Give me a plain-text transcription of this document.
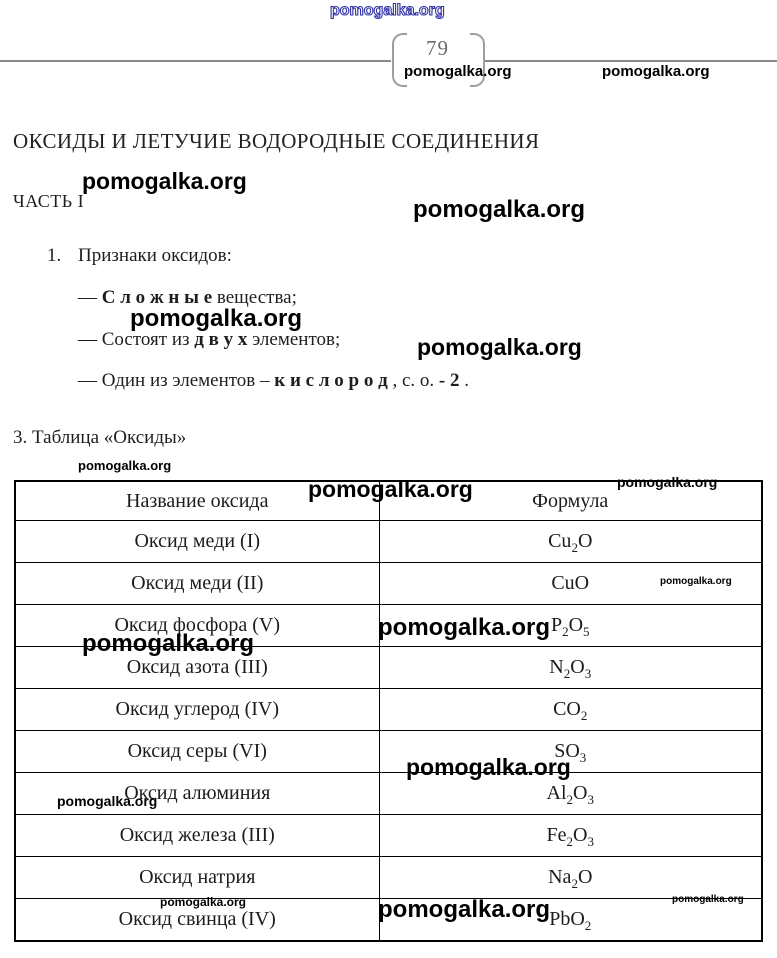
79
ОКСИДЫ И ЛЕТУЧИЕ ВОДОРОДНЫЕ СОЕДИНЕНИЯ
ЧАСТЬ I
1. Признаки оксидов:
— С л о ж н ы е вещества;
— Состоят из д в у х элементов;
— Один из элементов – к и с л о р о д , с. о. - 2 .
3. Таблица «Оксиды»
Название оксида	Формула
Оксид меди (I)	$Cu_2O$
Оксид меди (II)	CuO
Оксид фосфора (V)	$P_2O_5$
Оксид азота (III)	$N_2O_3$
Оксид углерод (IV)	$CO_2$
Оксид серы (VI)	$SO_3$
Оксид алюминия	$Al_2O_3$
Оксид железа (III)	$Fe_2O_3$
Оксид натрия	$Na_2O$
Оксид свинца (IV)	PbO$_2$
pomogalka.org
pomogalka.org	pomogalka.org
pomogalka.org
pomogalka.org
pomogalka.org
pomogalka.org
pomogalka.org
pomogalka.org	pomogalka.org
pomogalka.org
pomogalka.org
pomogalka.org
pomogalka.org
pomogalka.org
pomogalka.org	pomogalka.org	pomogalka.org
